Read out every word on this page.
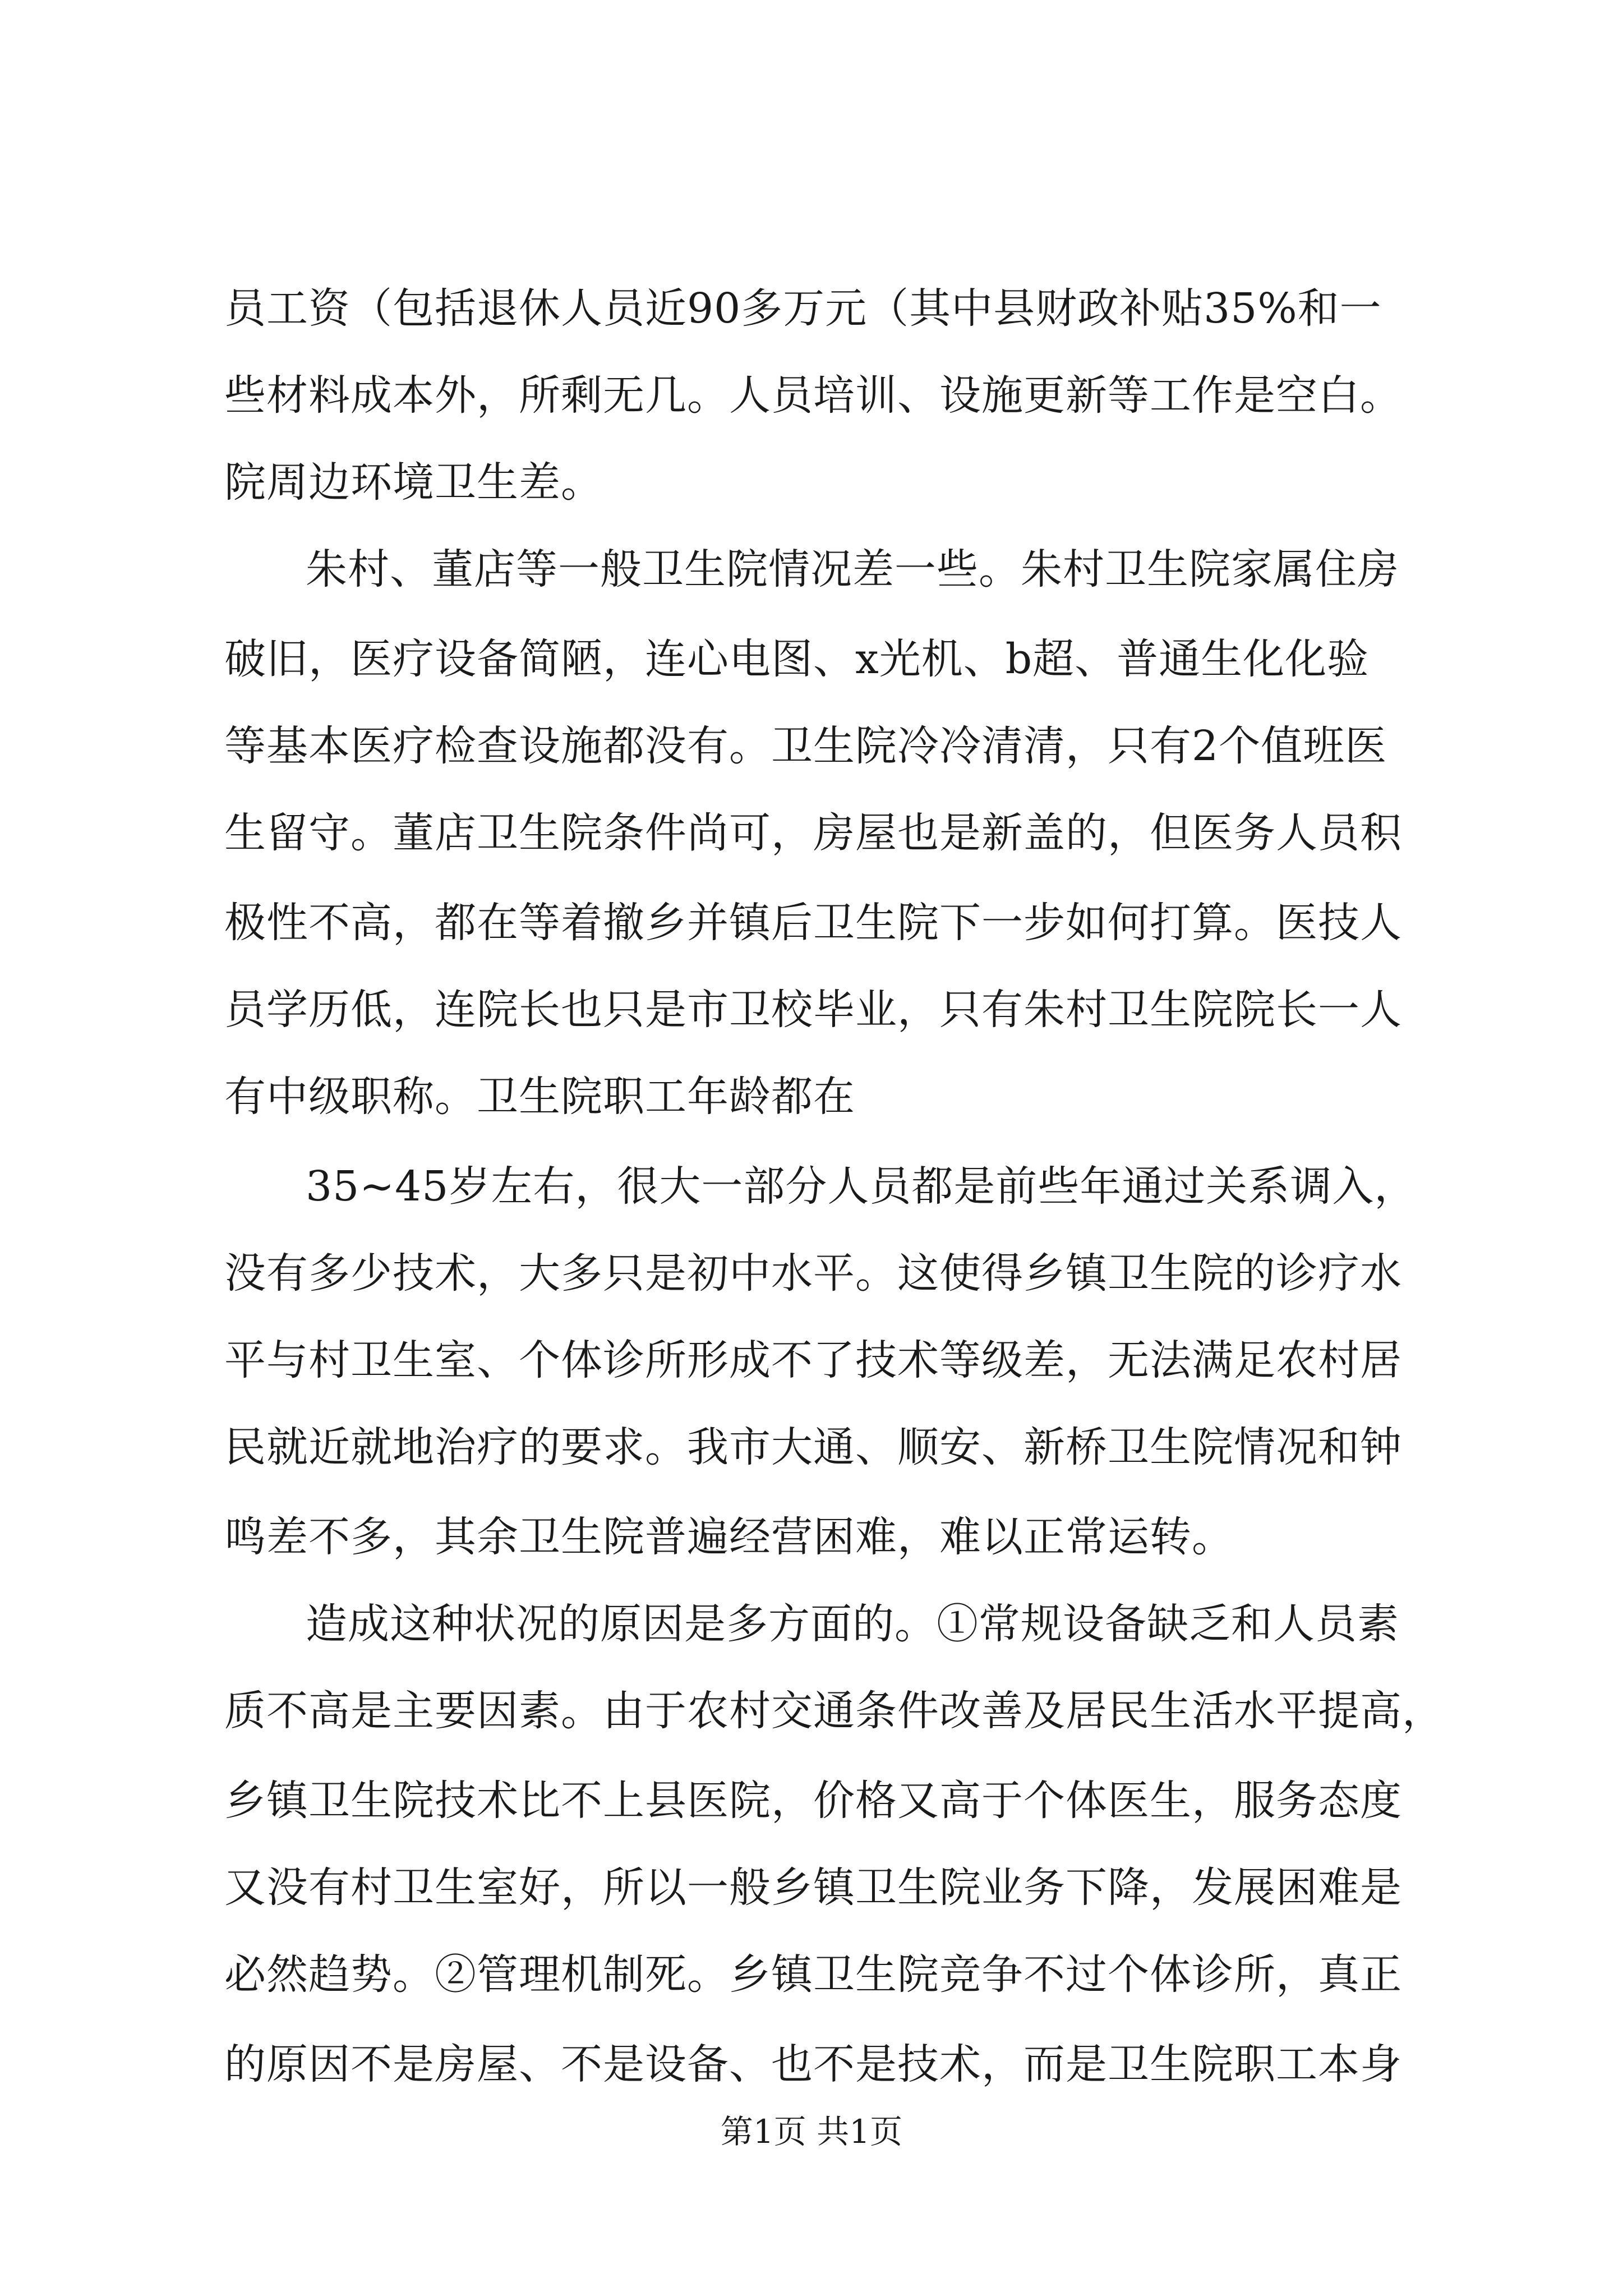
员工资（包括退休人员近90多万元（其中县财政补贴35%和一
些材料成本外，所剩无几。人员培训、设施更新等工作是空白。
院周边环境卫生差。
朱村、董店等一般卫生院情况差一些。朱村卫生院家属住房
破旧，医疗设备简陋，连心电图、x光机、b超、普通生化化验
等基本医疗检查设施都没有。卫生院冷冷清清，只有2个值班医
生留守。董店卫生院条件尚可，房屋也是新盖的，但医务人员积
极性不高，都在等着撤乡并镇后卫生院下一步如何打算。医技人
员学历低，连院长也只是市卫校毕业，只有朱村卫生院院长一人
有中级职称。卫生院职工年龄都在
35~45岁左右，很大一部分人员都是前些年通过关系调入，
没有多少技术，大多只是初中水平。这使得乡镇卫生院的诊疗水
平与村卫生室、个体诊所形成不了技术等级差，无法满足农村居
民就近就地治疗的要求。我市大通、顺安、新桥卫生院情况和钟
鸣差不多，其余卫生院普遍经营困难，难以正常运转。
造成这种状况的原因是多方面的。①常规设备缺乏和人员素
质不高是主要因素。由于农村交通条件改善及居民生活水平提高，
乡镇卫生院技术比不上县医院，价格又高于个体医生，服务态度
又没有村卫生室好，所以一般乡镇卫生院业务下降，发展困难是
必然趋势。②管理机制死。乡镇卫生院竞争不过个体诊所，真正
的原因不是房屋、不是设备、也不是技术，而是卫生院职工本身
第1页 共1页
